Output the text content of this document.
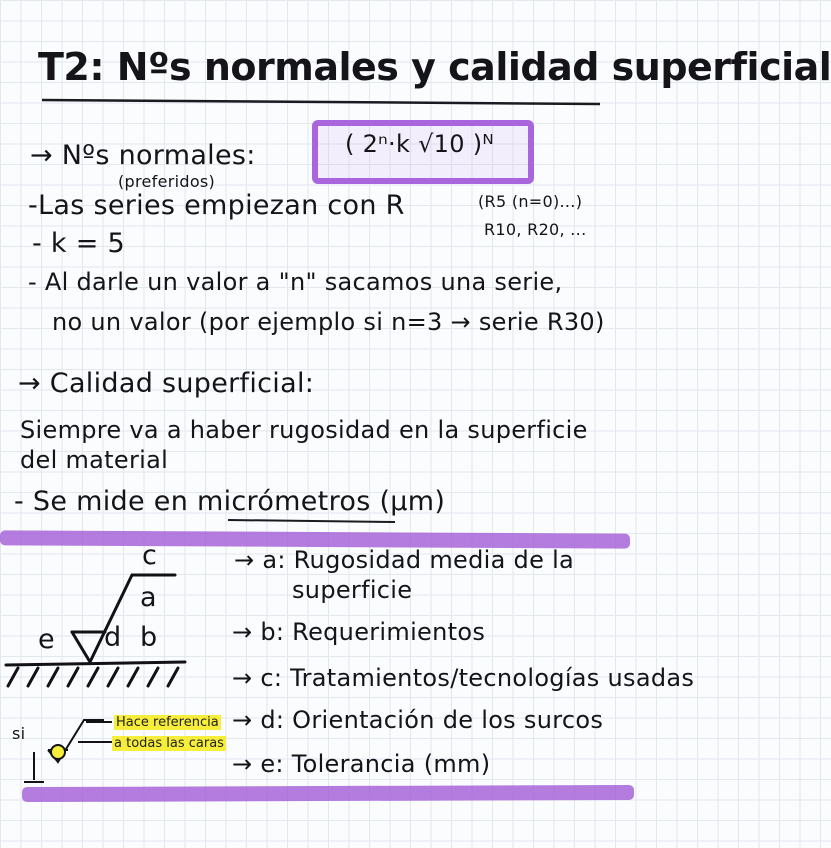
T2: Nºs normales y calidad superficial
→ Nºs normales:
(preferidos)
( 2ⁿ·k √10 )ᴺ
-Las series empiezan con R	(R5 (n=0)...)
R10, R20, ...
- k = 5
- Al darle un valor a "n" sacamos una serie,
no un valor (por ejemplo si n=3 → serie R30)
→ Calidad superficial:
Siempre va a haber rugosidad en la superficie
del material
- Se mide en micrómetros (μm)
c
a
b
e d
si
Hace referencia
a todas las caras
→ a: Rugosidad media de la
superficie
→ b: Requerimientos
→ c: Tratamientos/tecnologías usadas
→ d: Orientación de los surcos
→ e: Tolerancia (mm)
